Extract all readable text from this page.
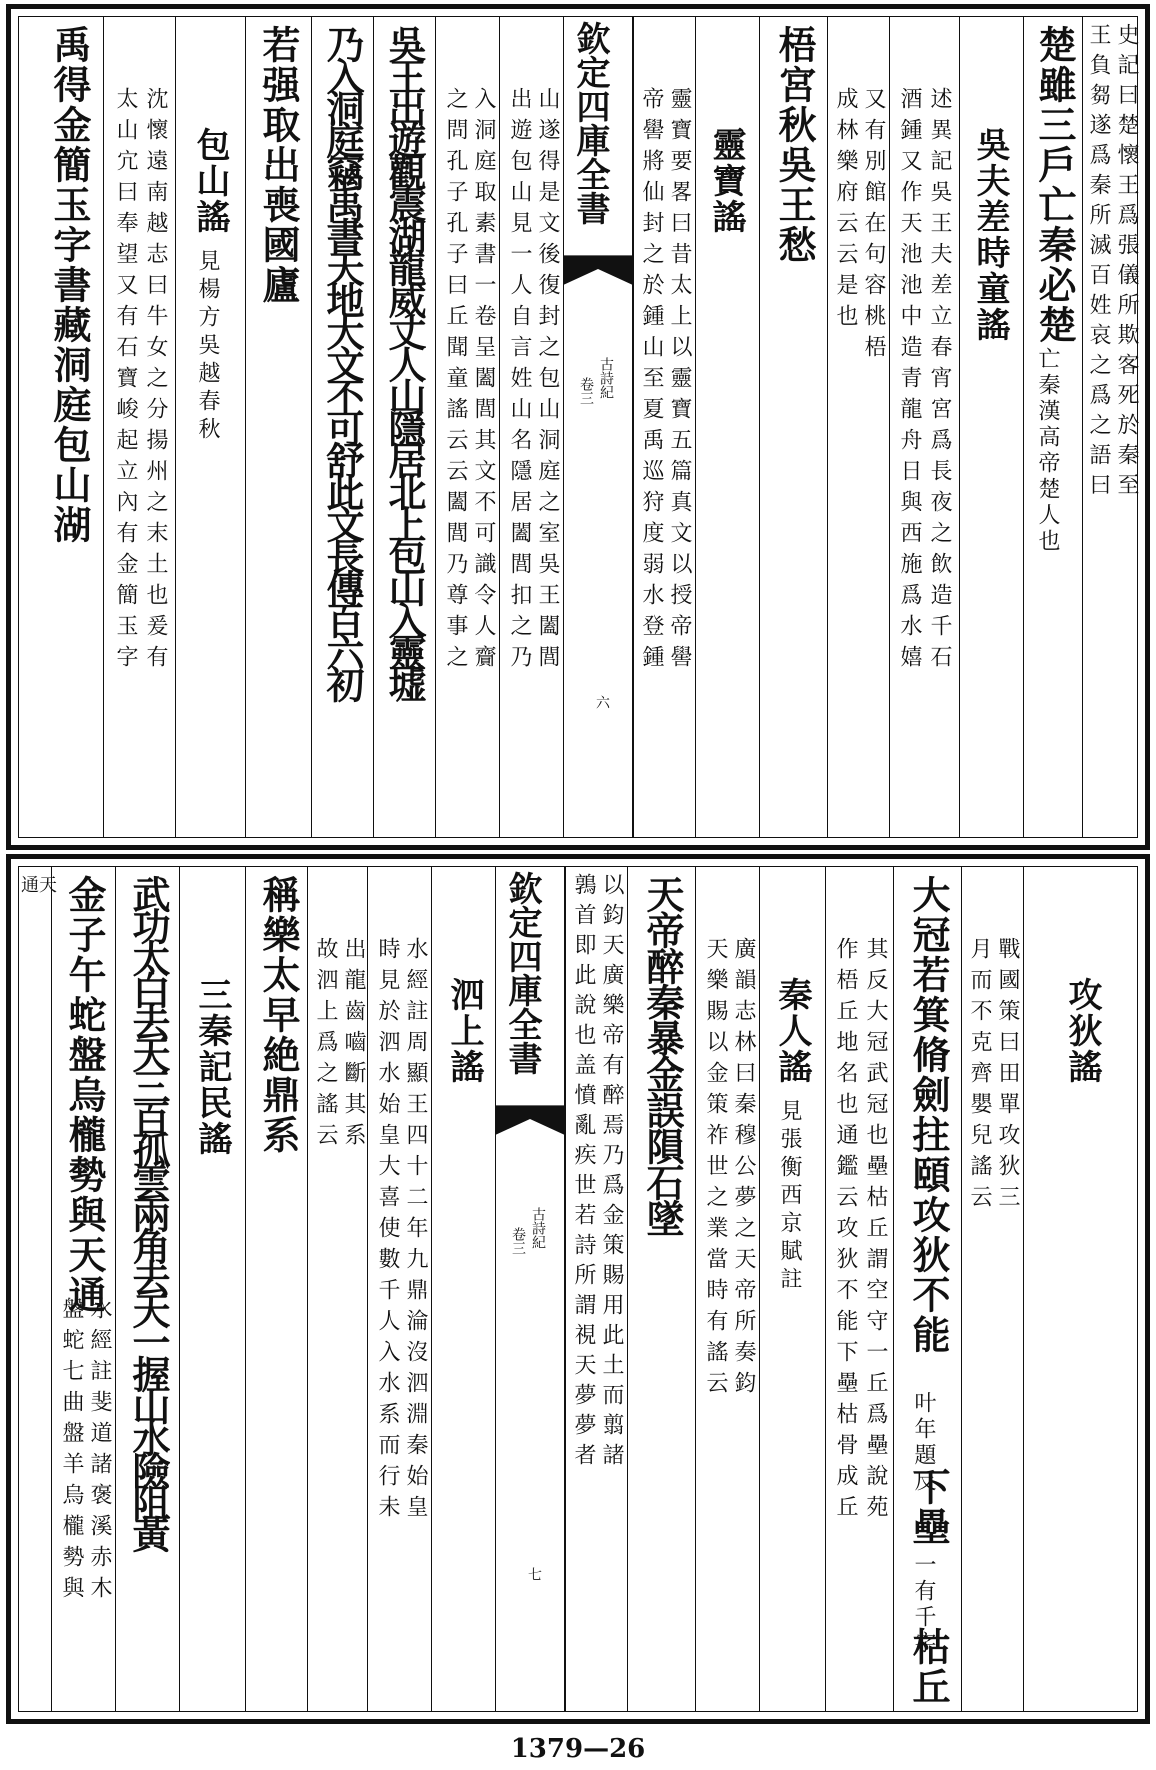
史記曰楚懷王爲張儀所欺客死於秦至
王負芻遂爲秦所滅百姓哀之爲之語曰
楚雖三戶亡秦必楚
亡秦漢高帝楚人也
吳夫差時童謠
述異記吳王夫差立春宵宮爲長夜之飲造千石
酒鍾又作天池池中造青龍舟日與西施爲水嬉
又有別館在句容桃梧
成林樂府云云是也
梧宮秋吳王愁
靈寶謠
靈寶要畧曰昔太上以靈寶五篇真文以授帝嚳
帝嚳將仙封之於鍾山至夏禹巡狩度弱水登鍾
欽定四庫全書
古詩紀
卷三
六
山遂得是文後復封之包山洞庭之室吳王闔閭
出遊包山見一人自言姓山名隱居闔閭扣之乃
入洞庭取素書一卷呈闔閭其文不可識令人齎
之問孔子孔子曰丘聞童謠云云闔閭乃尊事之
吳王出遊觀震湖龍威丈人山隱居北上包山入靈墟
乃入洞庭竊禹書天地大文不可舒此文長傳百六初
若强取出喪國廬
包山謠
見楊方吳越春秋
沈懷遠南越志曰牛女之分揚州之末土也爰有
太山宂曰奉望又有石寶峻起立內有金簡玉字
禹得金簡玉字書藏洞庭包山湖
攻狄謠
戰國策曰田單攻狄三
月而不克齊嬰兒謠云
大冠若箕脩劍拄頤攻狄不能
叶年題反
下壘
一有千字
枯丘
其反大冠武冠也壘枯丘謂空守一丘爲壘說苑
作梧丘地名也通鑑云攻狄不能下壘枯骨成丘
秦人謠
見張衡西京賦註
廣韻志林曰秦穆公夢之天帝所奏鈞
天樂賜以金策祚世之業當時有謠云
天帝醉秦暴金誤隕石墜
以鈞天廣樂帝有醉焉乃爲金策賜用此土而翦諸
鶉首即此說也盖憤亂疾世若詩所謂視天夢夢者
欽定四庫全書
古詩紀
卷三
七
泗上謠
水經註周顯王四十二年九鼎淪沒泗淵秦始皇
時見於泗水始皇大喜使數千人入水系而行未
出龍齒嚙斷其系
故泗上爲之謠云
稱樂太早絶鼎系
三秦記民謠
武功太白去天三百孤雲兩角去天一握山水險阻黃
金子午蛇盤烏櫳勢與天通
水經註斐道諸褒溪赤木
盤蛇七曲盤羊烏櫳勢與
天
通
1379—26
